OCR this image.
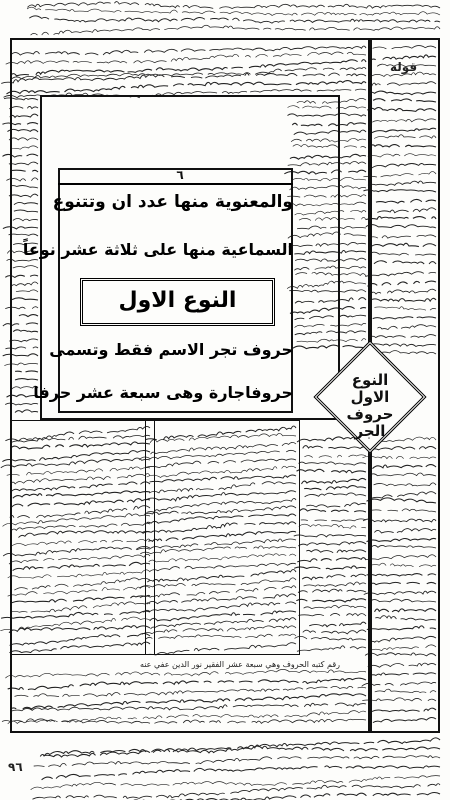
٦
والمعنوية منها عدد ان وتتنوع
السماعية منها على ثلاثة عشر نوعاً
النوع الاول
حروف تجر الاسم فقط وتسمى
حروفاجارة وهى سبعة عشر حرفا
النوع
الاول حروف
الجر
رقم كتبه الحروف وهي سبعة عشر الفقير نور الدين عفي عنه
قوله
٩٦
